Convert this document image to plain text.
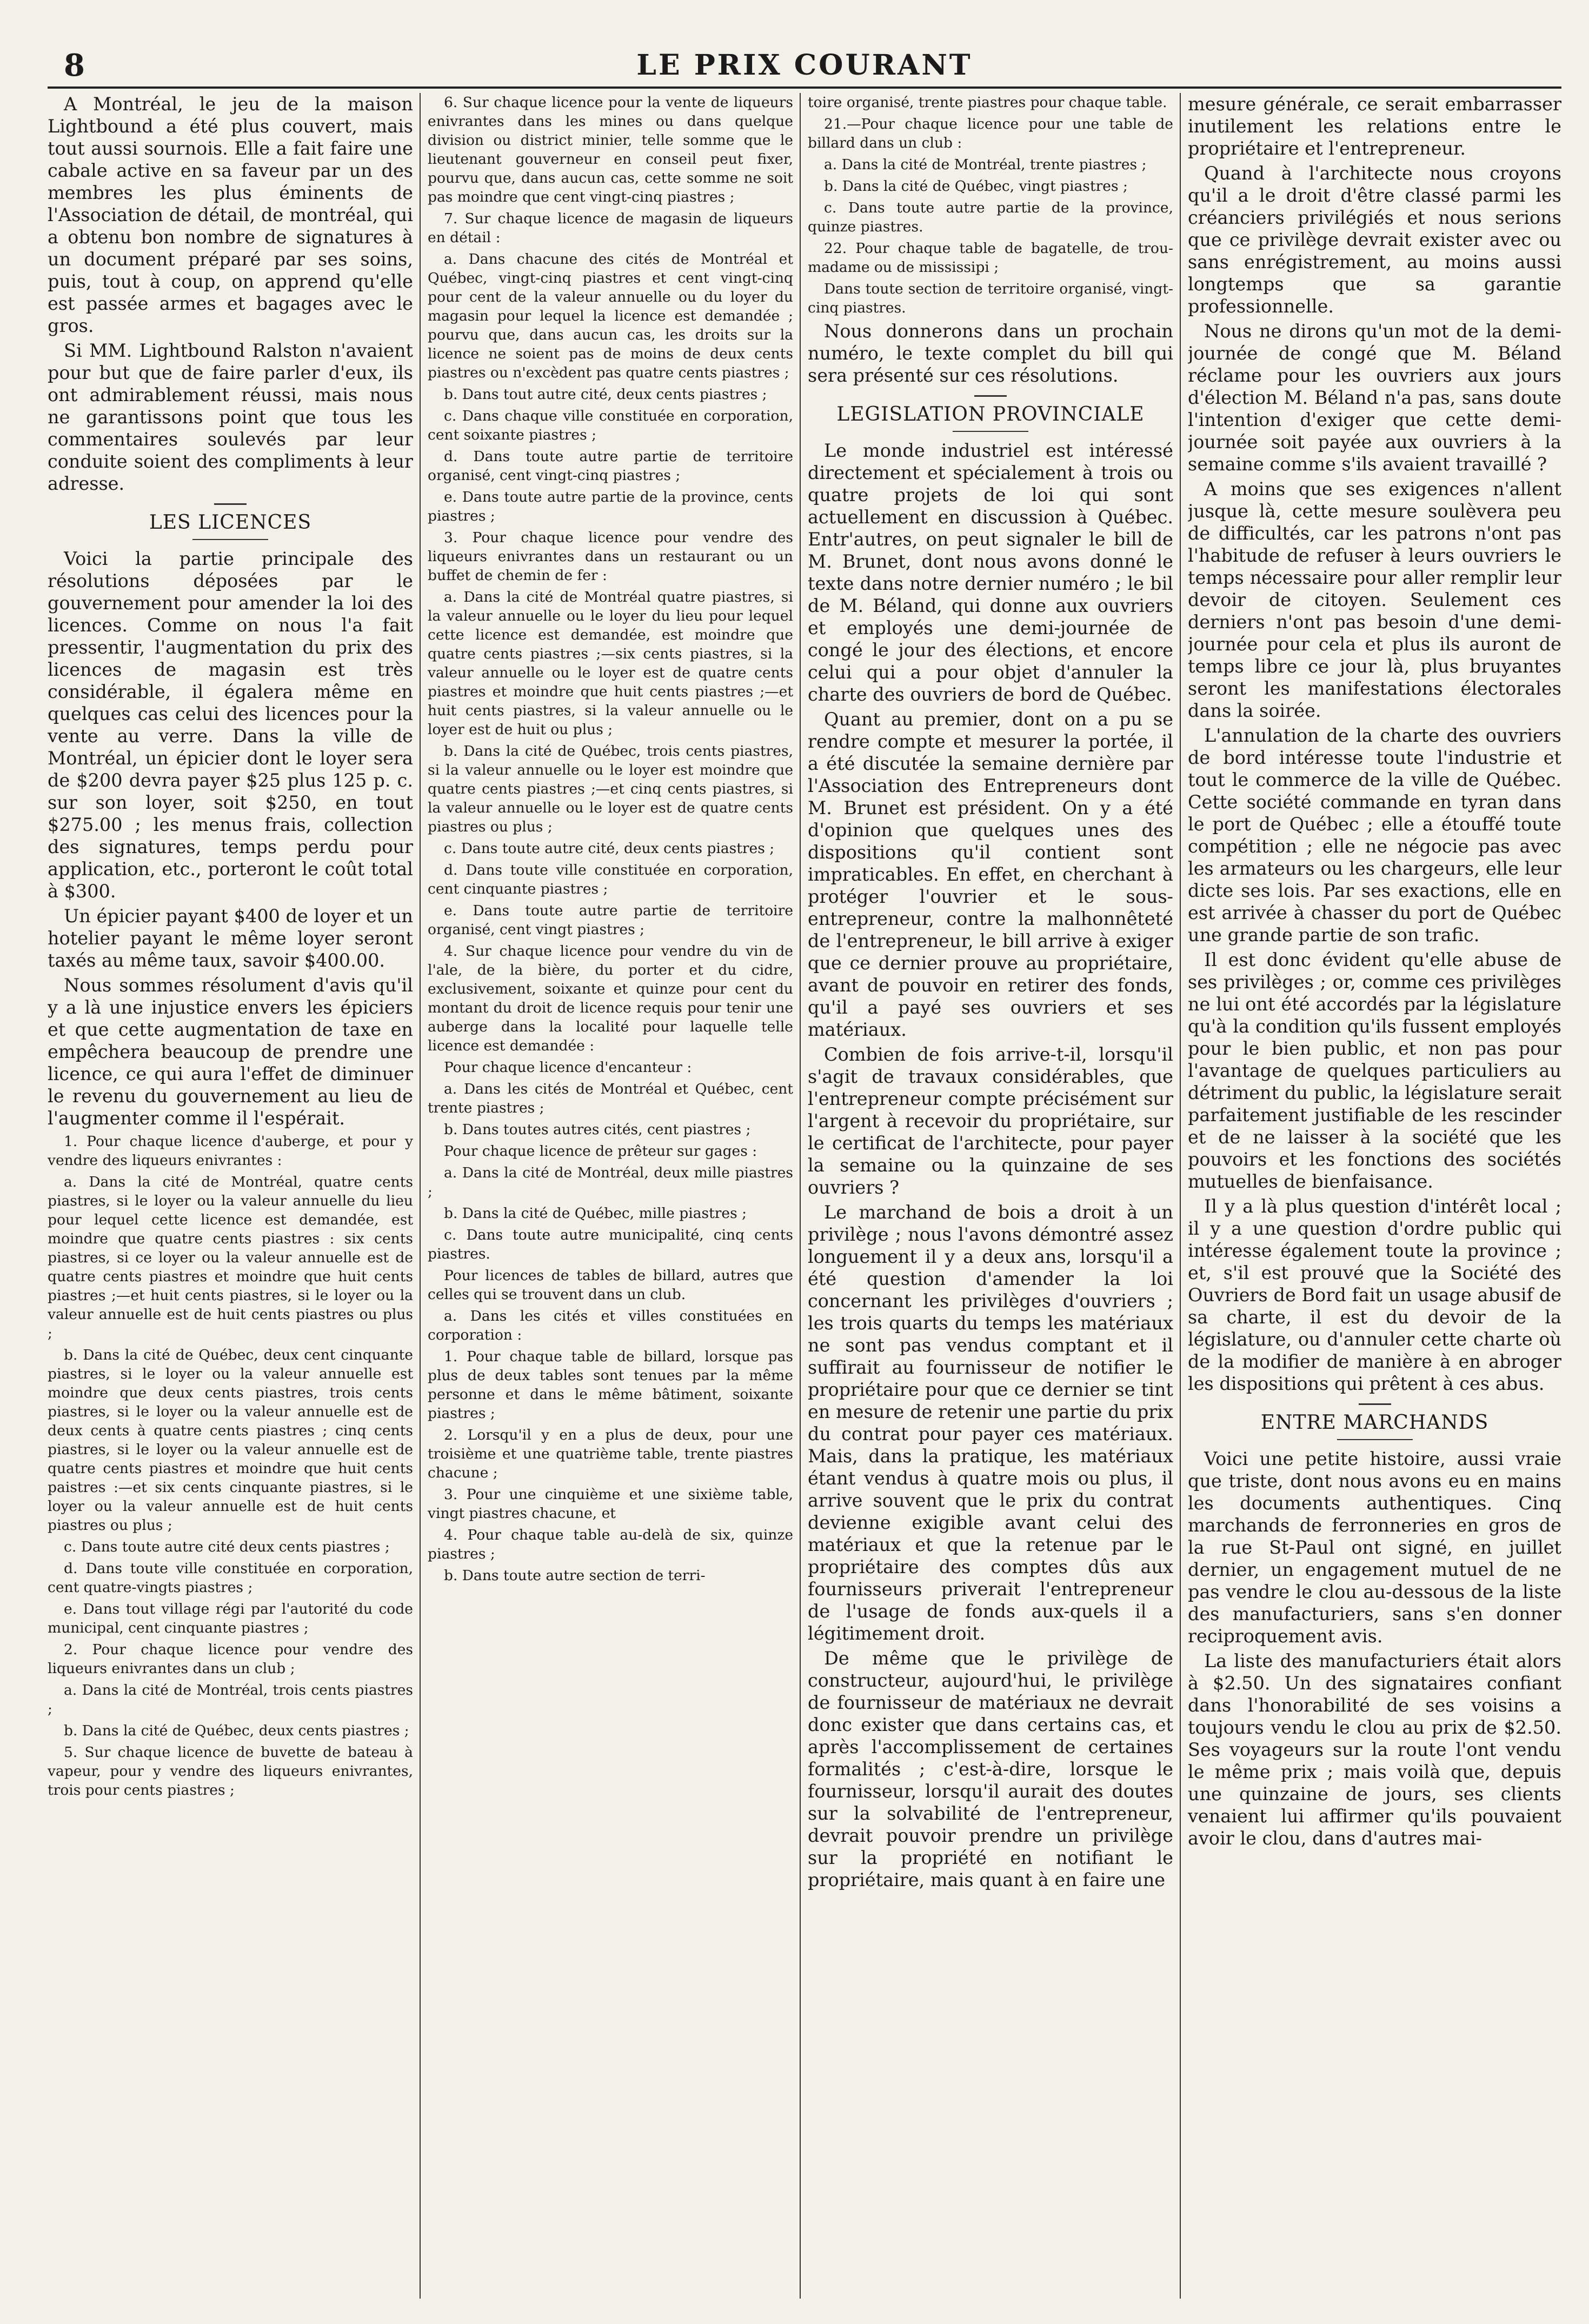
8	LE PRIX COURANT

A Montréal, le jeu de la maison Lightbound a été plus couvert, mais tout aussi sournois. Elle a fait faire une cabale active en sa faveur par un des membres les plus éminents de l'Association de détail, de montréal, qui a obtenu bon nombre de signatures à un document préparé par ses soins, puis, tout à coup, on apprend qu'elle est passée armes et bagages avec le gros.

Si MM. Lightbound Ralston n'avaient pour but que de faire parler d'eux, ils ont admirablement réussi, mais nous ne garantissons point que tous les commentaires soulevés par leur conduite soient des compliments à leur adresse.

LES LICENCES

Voici la partie principale des résolutions déposées par le gouvernement pour amender la loi des licences. Comme on nous l'a fait pressentir, l'augmentation du prix des licences de magasin est très considérable, il égalera même en quelques cas celui des licences pour la vente au verre. Dans la ville de Montréal, un épicier dont le loyer sera de $200 devra payer $25 plus 125 p. c. sur son loyer, soit $250, en tout $275.00 ; les menus frais, collection des signatures, temps perdu pour application, etc., porteront le coût total à $300.

Un épicier payant $400 de loyer et un hotelier payant le même loyer seront taxés au même taux, savoir $400.00.

Nous sommes résolument d'avis qu'il y a là une injustice envers les épiciers et que cette augmentation de taxe en empêchera beaucoup de prendre une licence, ce qui aura l'effet de diminuer le revenu du gouvernement au lieu de l'augmenter comme il l'espérait.

1. Pour chaque licence d'auberge, et pour y vendre des liqueurs enivrantes :

a. Dans la cité de Montréal, quatre cents piastres, si le loyer ou la valeur annuelle du lieu pour lequel cette licence est demandée, est moindre que quatre cents piastres : six cents piastres, si ce loyer ou la valeur annuelle est de quatre cents piastres et moindre que huit cents piastres ;—et huit cents piastres, si le loyer ou la valeur annuelle est de huit cents piastres ou plus ;

b. Dans la cité de Québec, deux cent cinquante piastres, si le loyer ou la valeur annuelle est moindre que deux cents piastres, trois cents piastres, si le loyer ou la valeur annuelle est de deux cents à quatre cents piastres ; cinq cents piastres, si le loyer ou la valeur annuelle est de quatre cents piastres et moindre que huit cents paistres :—et six cents cinquante piastres, si le loyer ou la valeur annuelle est de huit cents piastres ou plus ;

c. Dans toute autre cité deux cents piastres ;

d. Dans toute ville constituée en corporation, cent quatre-vingts piastres ;

e. Dans tout village régi par l'autorité du code municipal, cent cinquante piastres ;

2. Pour chaque licence pour vendre des liqueurs enivrantes dans un club ;

a. Dans la cité de Montréal, trois cents piastres ;

b. Dans la cité de Québec, deux cents piastres ;

5. Sur chaque licence de buvette de bateau à vapeur, pour y vendre des liqueurs enivrantes, trois pour cents piastres ;

6. Sur chaque licence pour la vente de liqueurs enivrantes dans les mines ou dans quelque division ou district minier, telle somme que le lieutenant gouverneur en conseil peut fixer, pourvu que, dans aucun cas, cette somme ne soit pas moindre que cent vingt-cinq piastres ;

7. Sur chaque licence de magasin de liqueurs en détail :

a. Dans chacune des cités de Montréal et Québec, vingt-cinq piastres et cent vingt-cinq pour cent de la valeur annuelle ou du loyer du magasin pour lequel la licence est demandée ; pourvu que, dans aucun cas, les droits sur la licence ne soient pas de moins de deux cents piastres ou n'excèdent pas quatre cents piastres ;

b. Dans tout autre cité, deux cents piastres ;

c. Dans chaque ville constituée en corporation, cent soixante piastres ;

d. Dans toute autre partie de territoire organisé, cent vingt-cinq piastres ;

e. Dans toute autre partie de la province, cents piastres ;

3. Pour chaque licence pour vendre des liqueurs enivrantes dans un restaurant ou un buffet de chemin de fer :

a. Dans la cité de Montréal quatre piastres, si la valeur annuelle ou le loyer du lieu pour lequel cette licence est demandée, est moindre que quatre cents piastres ;—six cents piastres, si la valeur annuelle ou le loyer est de quatre cents piastres et moindre que huit cents piastres ;—et huit cents piastres, si la valeur annuelle ou le loyer est de huit ou plus ;

b. Dans la cité de Québec, trois cents piastres, si la valeur annuelle ou le loyer est moindre que quatre cents piastres ;—et cinq cents piastres, si la valeur annuelle ou le loyer est de quatre cents piastres ou plus ;

c. Dans toute autre cité, deux cents piastres ;

d. Dans toute ville constituée en corporation, cent cinquante piastres ;

e. Dans toute autre partie de territoire organisé, cent vingt piastres ;

4. Sur chaque licence pour vendre du vin de l'ale, de la bière, du porter et du cidre, exclusivement, soixante et quinze pour cent du montant du droit de licence requis pour tenir une auberge dans la localité pour laquelle telle licence est demandée :

Pour chaque licence d'encanteur :

a. Dans les cités de Montréal et Québec, cent trente piastres ;

b. Dans toutes autres cités, cent piastres ;

Pour chaque licence de prêteur sur gages :

a. Dans la cité de Montréal, deux mille piastres ;

b. Dans la cité de Québec, mille piastres ;

c. Dans toute autre municipalité, cinq cents piastres.

Pour licences de tables de billard, autres que celles qui se trouvent dans un club.

a. Dans les cités et villes constituées en corporation :

1. Pour chaque table de billard, lorsque pas plus de deux tables sont tenues par la même personne et dans le même bâtiment, soixante piastres ;

2. Lorsqu'il y en a plus de deux, pour une troisième et une quatrième table, trente piastres chacune ;

3. Pour une cinquième et une sixième table, vingt piastres chacune, et

4. Pour chaque table au-delà de six, quinze piastres ;

b. Dans toute autre section de terri-

toire organisé, trente piastres pour chaque table.

21.—Pour chaque licence pour une table de billard dans un club :

a. Dans la cité de Montréal, trente piastres ;

b. Dans la cité de Québec, vingt piastres ;

c. Dans toute autre partie de la province, quinze piastres.

22. Pour chaque table de bagatelle, de trou-madame ou de mississipi ;

Dans toute section de territoire organisé, vingt-cinq piastres.

Nous donnerons dans un prochain numéro, le texte complet du bill qui sera présenté sur ces résolutions.

LEGISLATION PROVINCIALE

Le monde industriel est intéressé directement et spécialement à trois ou quatre projets de loi qui sont actuellement en discussion à Québec. Entr'autres, on peut signaler le bill de M. Brunet, dont nous avons donné le texte dans notre dernier numéro ; le bil de M. Béland, qui donne aux ouvriers et employés une demi-journée de congé le jour des élections, et encore celui qui a pour objet d'annuler la charte des ouvriers de bord de Québec.

Quant au premier, dont on a pu se rendre compte et mesurer la portée, il a été discutée la semaine dernière par l'Association des Entrepreneurs dont M. Brunet est président. On y a été d'opinion que quelques unes des dispositions qu'il contient sont impraticables. En effet, en cherchant à protéger l'ouvrier et le sous-entrepreneur, contre la malhonnêteté de l'entrepreneur, le bill arrive à exiger que ce dernier prouve au propriétaire, avant de pouvoir en retirer des fonds, qu'il a payé ses ouvriers et ses matériaux.

Combien de fois arrive-t-il, lorsqu'il s'agit de travaux considérables, que l'entrepreneur compte précisément sur l'argent à recevoir du propriétaire, sur le certificat de l'architecte, pour payer la semaine ou la quinzaine de ses ouvriers ?

Le marchand de bois a droit à un privilège ; nous l'avons démontré assez longuement il y a deux ans, lorsqu'il a été question d'amender la loi concernant les privilèges d'ouvriers ; les trois quarts du temps les matériaux ne sont pas vendus comptant et il suffirait au fournisseur de notifier le propriétaire pour que ce dernier se tint en mesure de retenir une partie du prix du contrat pour payer ces matériaux. Mais, dans la pratique, les matériaux étant vendus à quatre mois ou plus, il arrive souvent que le prix du contrat devienne exigible avant celui des matériaux et que la retenue par le propriétaire des comptes dûs aux fournisseurs priverait l'entrepreneur de l'usage de fonds aux-quels il a légitimement droit.

De même que le privilège de constructeur, aujourd'hui, le privilège de fournisseur de matériaux ne devrait donc exister que dans certains cas, et après l'accomplissement de certaines formalités ; c'est-à-dire, lorsque le fournisseur, lorsqu'il aurait des doutes sur la solvabilité de l'entrepreneur, devrait pouvoir prendre un privilège sur la propriété en notifiant le propriétaire, mais quant à en faire une

mesure générale, ce serait embarrasser inutilement les relations entre le propriétaire et l'entrepreneur.

Quand à l'architecte nous croyons qu'il a le droit d'être classé parmi les créanciers privilégiés et nous serions que ce privilège devrait exister avec ou sans enrégistrement, au moins aussi longtemps que sa garantie professionnelle.

Nous ne dirons qu'un mot de la demi-journée de congé que M. Béland réclame pour les ouvriers aux jours d'élection M. Béland n'a pas, sans doute l'intention d'exiger que cette demi-journée soit payée aux ouvriers à la semaine comme s'ils avaient travaillé ?

A moins que ses exigences n'allent jusque là, cette mesure soulèvera peu de difficultés, car les patrons n'ont pas l'habitude de refuser à leurs ouvriers le temps nécessaire pour aller remplir leur devoir de citoyen. Seulement ces derniers n'ont pas besoin d'une demi-journée pour cela et plus ils auront de temps libre ce jour là, plus bruyantes seront les manifestations électorales dans la soirée.

L'annulation de la charte des ouvriers de bord intéresse toute l'industrie et tout le commerce de la ville de Québec. Cette société commande en tyran dans le port de Québec ; elle a étouffé toute compétition ; elle ne négocie pas avec les armateurs ou les chargeurs, elle leur dicte ses lois. Par ses exactions, elle en est arrivée à chasser du port de Québec une grande partie de son trafic.

Il est donc évident qu'elle abuse de ses privilèges ; or, comme ces privilèges ne lui ont été accordés par la législature qu'à la condition qu'ils fussent employés pour le bien public, et non pas pour l'avantage de quelques particuliers au détriment du public, la législature serait parfaitement justifiable de les rescinder et de ne laisser à la société que les pouvoirs et les fonctions des sociétés mutuelles de bienfaisance.

Il y a là plus question d'intérêt local ; il y a une question d'ordre public qui intéresse également toute la province ; et, s'il est prouvé que la Société des Ouvriers de Bord fait un usage abusif de sa charte, il est du devoir de la législature, ou d'annuler cette charte où de la modifier de manière à en abroger les dispositions qui prêtent à ces abus.

ENTRE MARCHANDS

Voici une petite histoire, aussi vraie que triste, dont nous avons eu en mains les documents authentiques. Cinq marchands de ferronneries en gros de la rue St-Paul ont signé, en juillet dernier, un engagement mutuel de ne pas vendre le clou au-dessous de la liste des manufacturiers, sans s'en donner reciproquement avis.

La liste des manufacturiers était alors à $2.50. Un des signataires confiant dans l'honorabilité de ses voisins a toujours vendu le clou au prix de $2.50. Ses voyageurs sur la route l'ont vendu le même prix ; mais voilà que, depuis une quinzaine de jours, ses clients venaient lui affirmer qu'ils pouvaient avoir le clou, dans d'autres mai-
